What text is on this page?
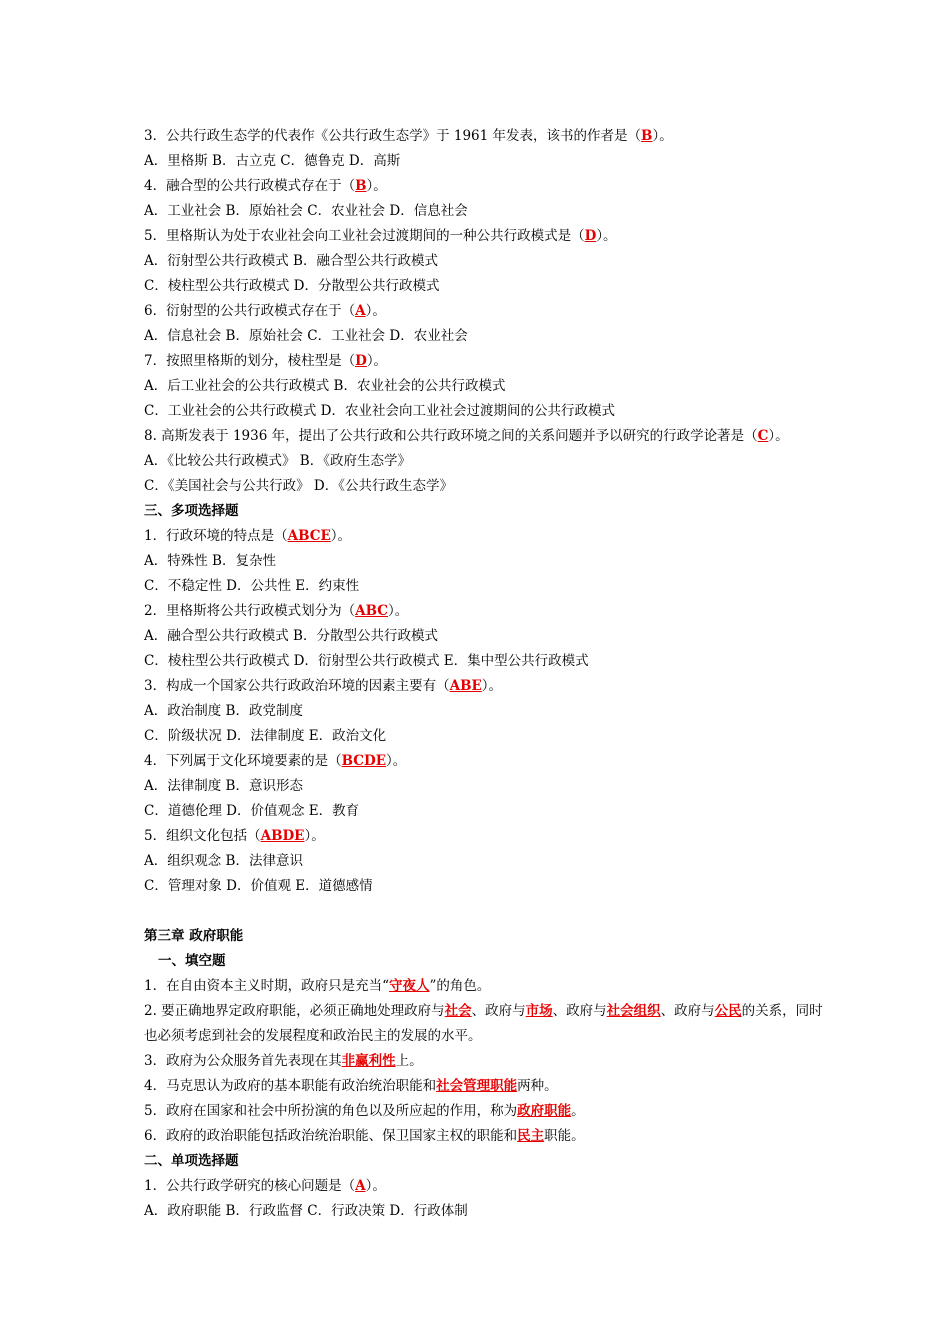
3．公共行政生态学的代表作《公共行政生态学》于 1961 年发表，该书的作者是（B）。
A．里格斯 B．古立克 C．德鲁克 D．高斯
4．融合型的公共行政模式存在于（B）。
A．工业社会 B．原始社会 C．农业社会 D．信息社会
5．里格斯认为处于农业社会向工业社会过渡期间的一种公共行政模式是（D）。
A．衍射型公共行政模式 B．融合型公共行政模式
C．棱柱型公共行政模式 D．分散型公共行政模式
6．衍射型的公共行政模式存在于（A）。
A．信息社会 B．原始社会 C．工业社会 D．农业社会
7．按照里格斯的划分，棱柱型是（D）。
A．后工业社会的公共行政模式 B．农业社会的公共行政模式
C．工业社会的公共行政模式 D．农业社会向工业社会过渡期间的公共行政模式
8. 高斯发表于 1936 年，提出了公共行政和公共行政环境之间的关系问题并予以研究的行政学论著是（C）。
A．《比较公共行政模式》 B．《政府生态学》
C．《美国社会与公共行政》 D．《公共行政生态学》
三、多项选择题
1．行政环境的特点是（ABCE）。
A．特殊性 B．复杂性
C．不稳定性 D．公共性 E．约束性
2．里格斯将公共行政模式划分为（ABC）。
A．融合型公共行政模式 B．分散型公共行政模式
C．棱柱型公共行政模式 D．衍射型公共行政模式 E．集中型公共行政模式
3．构成一个国家公共行政政治环境的因素主要有（ABE）。
A．政治制度 B．政党制度
C．阶级状况 D．法律制度 E．政治文化
4．下列属于文化环境要素的是（BCDE）。
A．法律制度 B．意识形态
C．道德伦理 D．价值观念 E．教育
5．组织文化包括（ABDE）。
A．组织观念 B．法律意识
C．管理对象 D．价值观 E．道德感情
第三章 政府职能
一、填空题
1．在自由资本主义时期，政府只是充当“守夜人”的角色。
2. 要正确地界定政府职能，必须正确地处理政府与社会、政府与市场、政府与社会组织、政府与公民的关系，同时也必须考虑到社会的发展程度和政治民主的发展的水平。
3．政府为公众服务首先表现在其非赢利性上。
4．马克思认为政府的基本职能有政治统治职能和社会管理职能两种。
5．政府在国家和社会中所扮演的角色以及所应起的作用，称为政府职能。
6．政府的政治职能包括政治统治职能、保卫国家主权的职能和民主职能。
二、单项选择题
1．公共行政学研究的核心问题是（A）。
A．政府职能 B．行政监督 C．行政决策 D．行政体制
